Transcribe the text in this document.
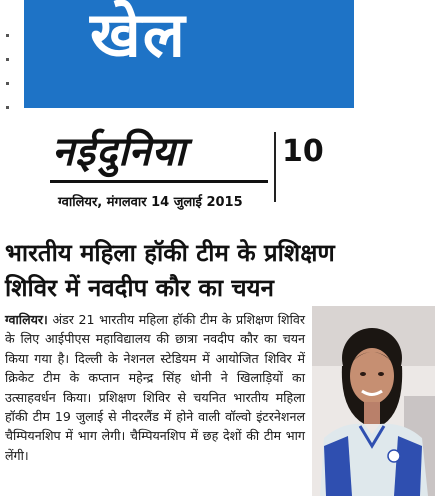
खेल
नईदुनिया
ग्वालियर, मंगलवार 14 जुलाई 2015
10
भारतीय महिला हॉकी टीम के प्रशिक्षण
शिविर में नवदीप कौर का चयन
ग्वालियर। अंडर 21 भारतीय महिला हॉकी टीम के प्रशिक्षण शिविर के लिए आईपीएस महाविद्यालय की छात्रा नवदीप कौर का चयन किया गया है। दिल्ली के नेशनल स्टेडियम में आयोजित शिविर में क्रिकेट टीम के कप्तान महेन्द्र सिंह धोनी ने खिलाड़ियों का उत्साहवर्धन किया। प्रशिक्षण शिविर से चयनित भारतीय महिला हॉकी टीम 19 जुलाई से नीदरलैंड में होने वाली वॉल्वो इंटरनेशनल चैम्पियनशिप में भाग लेगी। चैम्पियनशिप में छह देशों की टीम भाग लेंगी।
